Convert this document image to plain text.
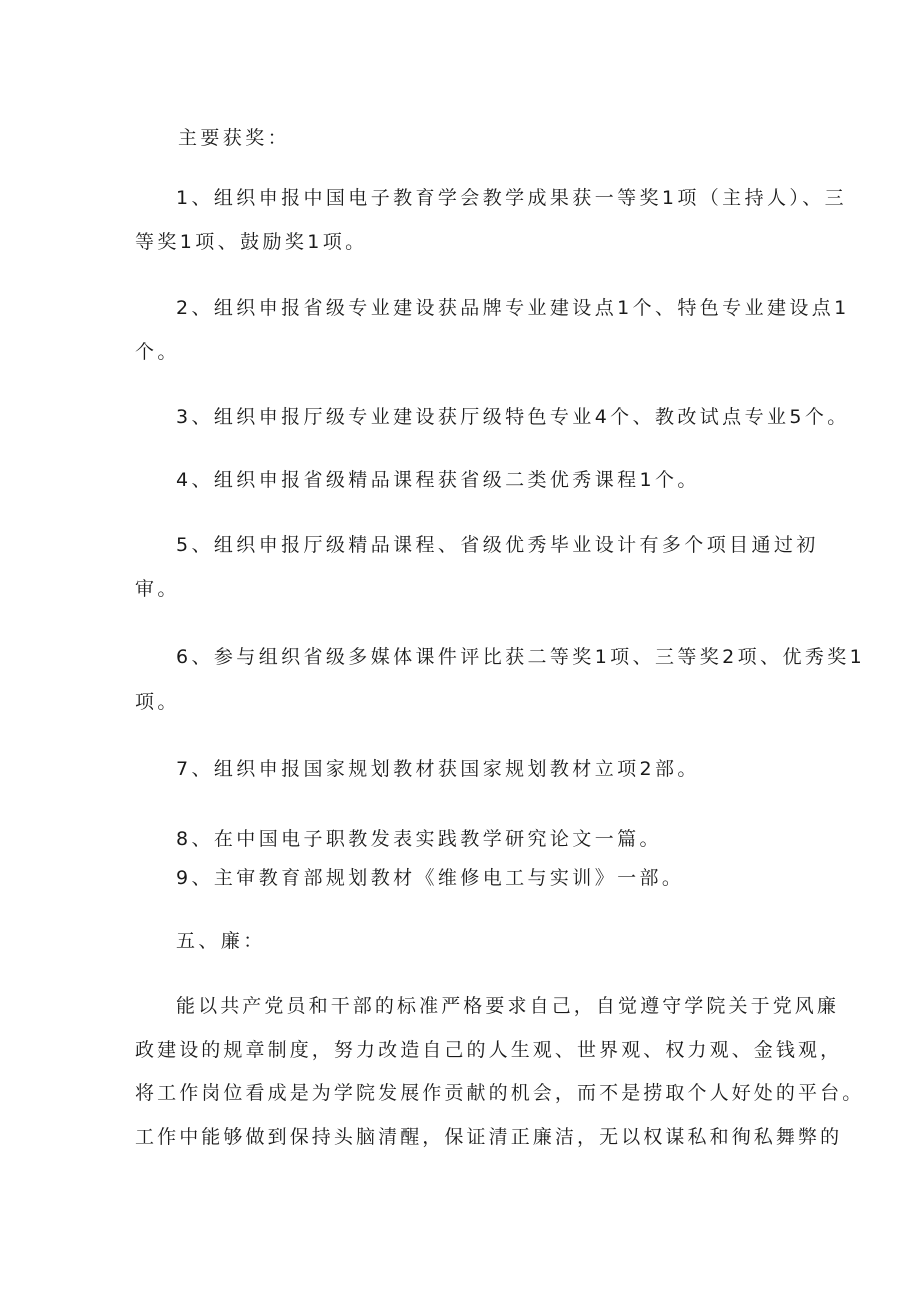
主要获奖：
1、组织申报中国电子教育学会教学成果获一等奖1项（主持人）、三
等奖1项、鼓励奖1项。
2、组织申报省级专业建设获品牌专业建设点1个、特色专业建设点1
个。
3、组织申报厅级专业建设获厅级特色专业4个、教改试点专业5个。
4、组织申报省级精品课程获省级二类优秀课程1个。
5、组织申报厅级精品课程、省级优秀毕业设计有多个项目通过初
审。
6、参与组织省级多媒体课件评比获二等奖1项、三等奖2项、优秀奖1
项。
7、组织申报国家规划教材获国家规划教材立项2部。
8、在中国电子职教发表实践教学研究论文一篇。
9、主审教育部规划教材《维修电工与实训》一部。
五、廉：
能以共产党员和干部的标准严格要求自己，自觉遵守学院关于党风廉
政建设的规章制度，努力改造自己的人生观、世界观、权力观、金钱观，
将工作岗位看成是为学院发展作贡献的机会，而不是捞取个人好处的平台。
工作中能够做到保持头脑清醒，保证清正廉洁，无以权谋私和徇私舞弊的
